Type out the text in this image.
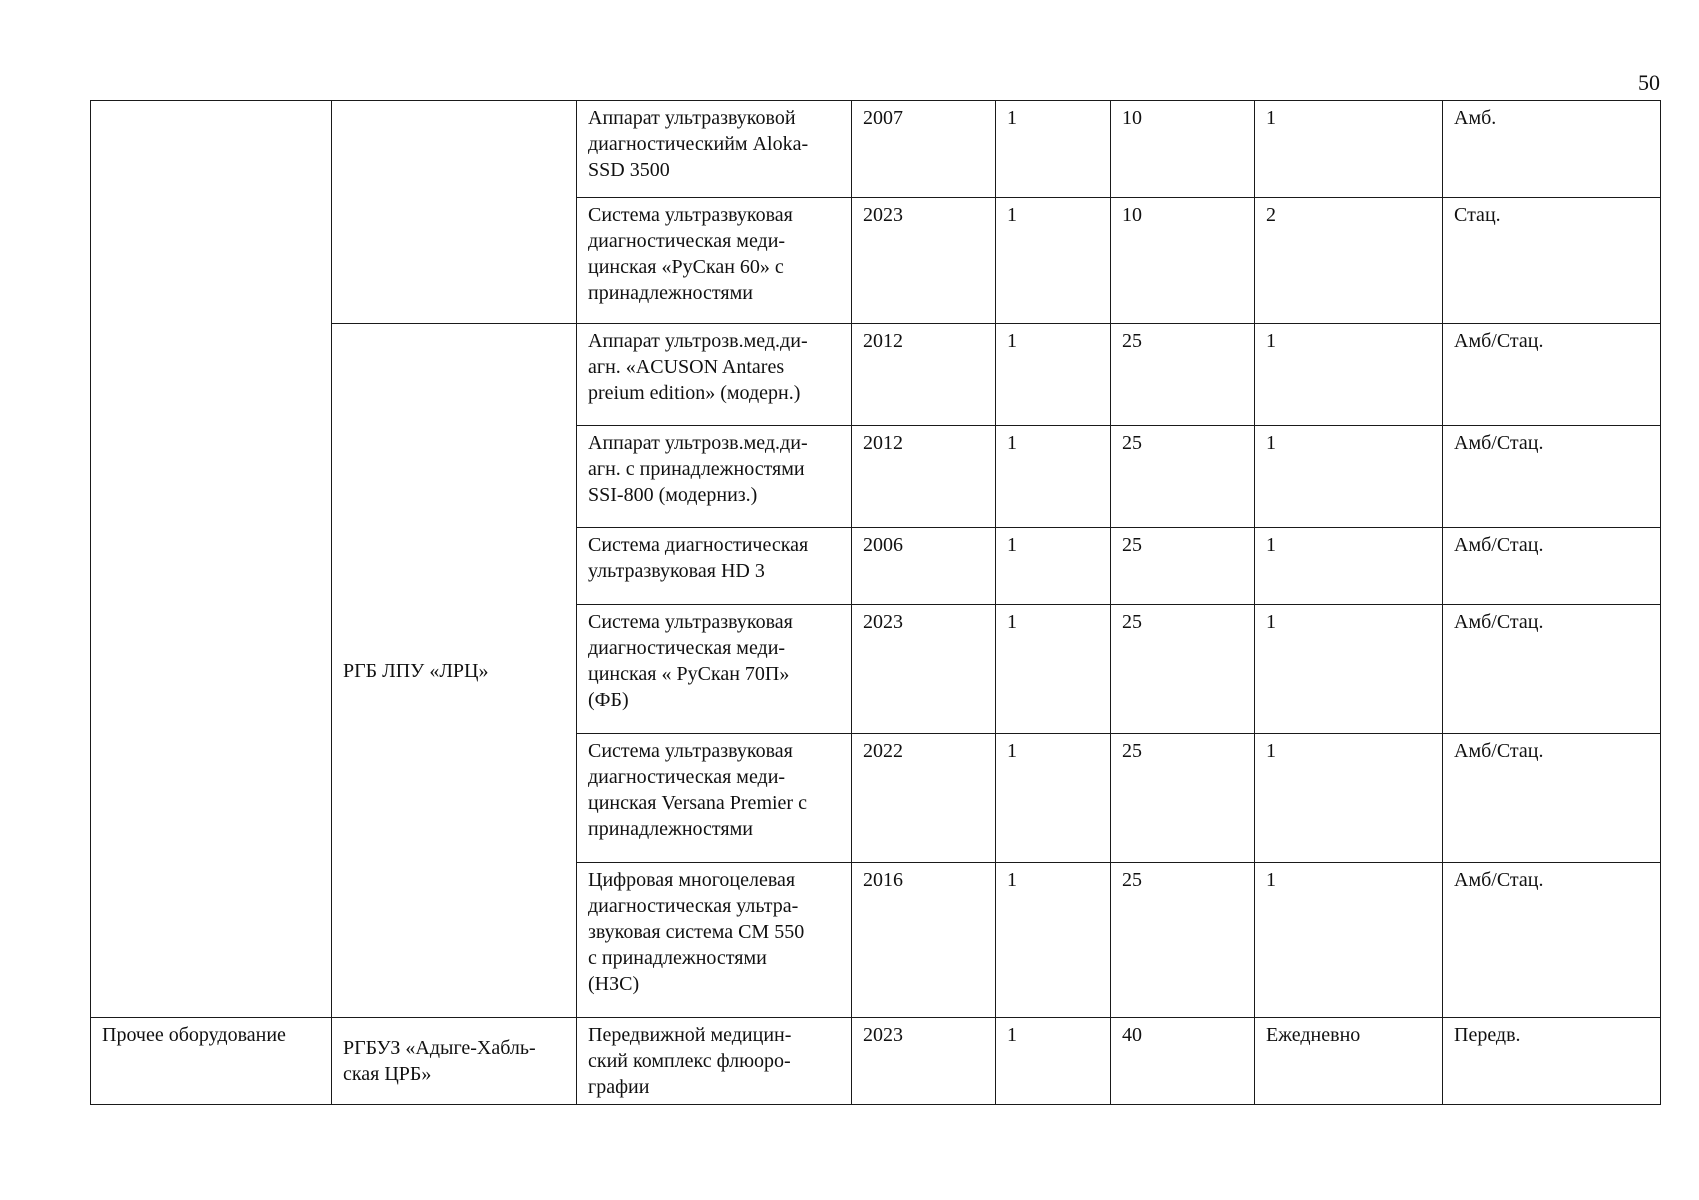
50
		Аппарат ультразвуковой
диагностическийм Aloka-
SSD 3500	2007	1	10	1	Амб.
		Система ультразвуковая
диагностическая меди-
цинская «РуСкан 60» с
принадлежностями	2023	1	10	2	Стац.
	РГБ ЛПУ «ЛРЦ»	Аппарат ультрозв.мед.ди-
агн. «ACUSON Antares
preium edition» (модерн.)	2012	1	25	1	Амб/Стац.
		Аппарат ультрозв.мед.ди-
агн. с принадлежностями
SSI-800 (модерниз.)	2012	1	25	1	Амб/Стац.
		Система диагностическая
ультразвуковая HD 3	2006	1	25	1	Амб/Стац.
		Система ультразвуковая
диагностическая меди-
цинская « РуСкан 70П»
(ФБ)	2023	1	25	1	Амб/Стац.
		Система ультразвуковая
диагностическая меди-
цинская Versana Premier с
принадлежностями	2022	1	25	1	Амб/Стац.
		Цифровая многоцелевая
диагностическая ультра-
звуковая система СМ 550
с принадлежностями
(НЗС)	2016	1	25	1	Амб/Стац.
Прочее оборудование	РГБУЗ «Адыге-Хабль-
ская ЦРБ»	Передвижной медицин-
ский комплекс флюоро-
графии	2023	1	40	Ежедневно	Передв.
